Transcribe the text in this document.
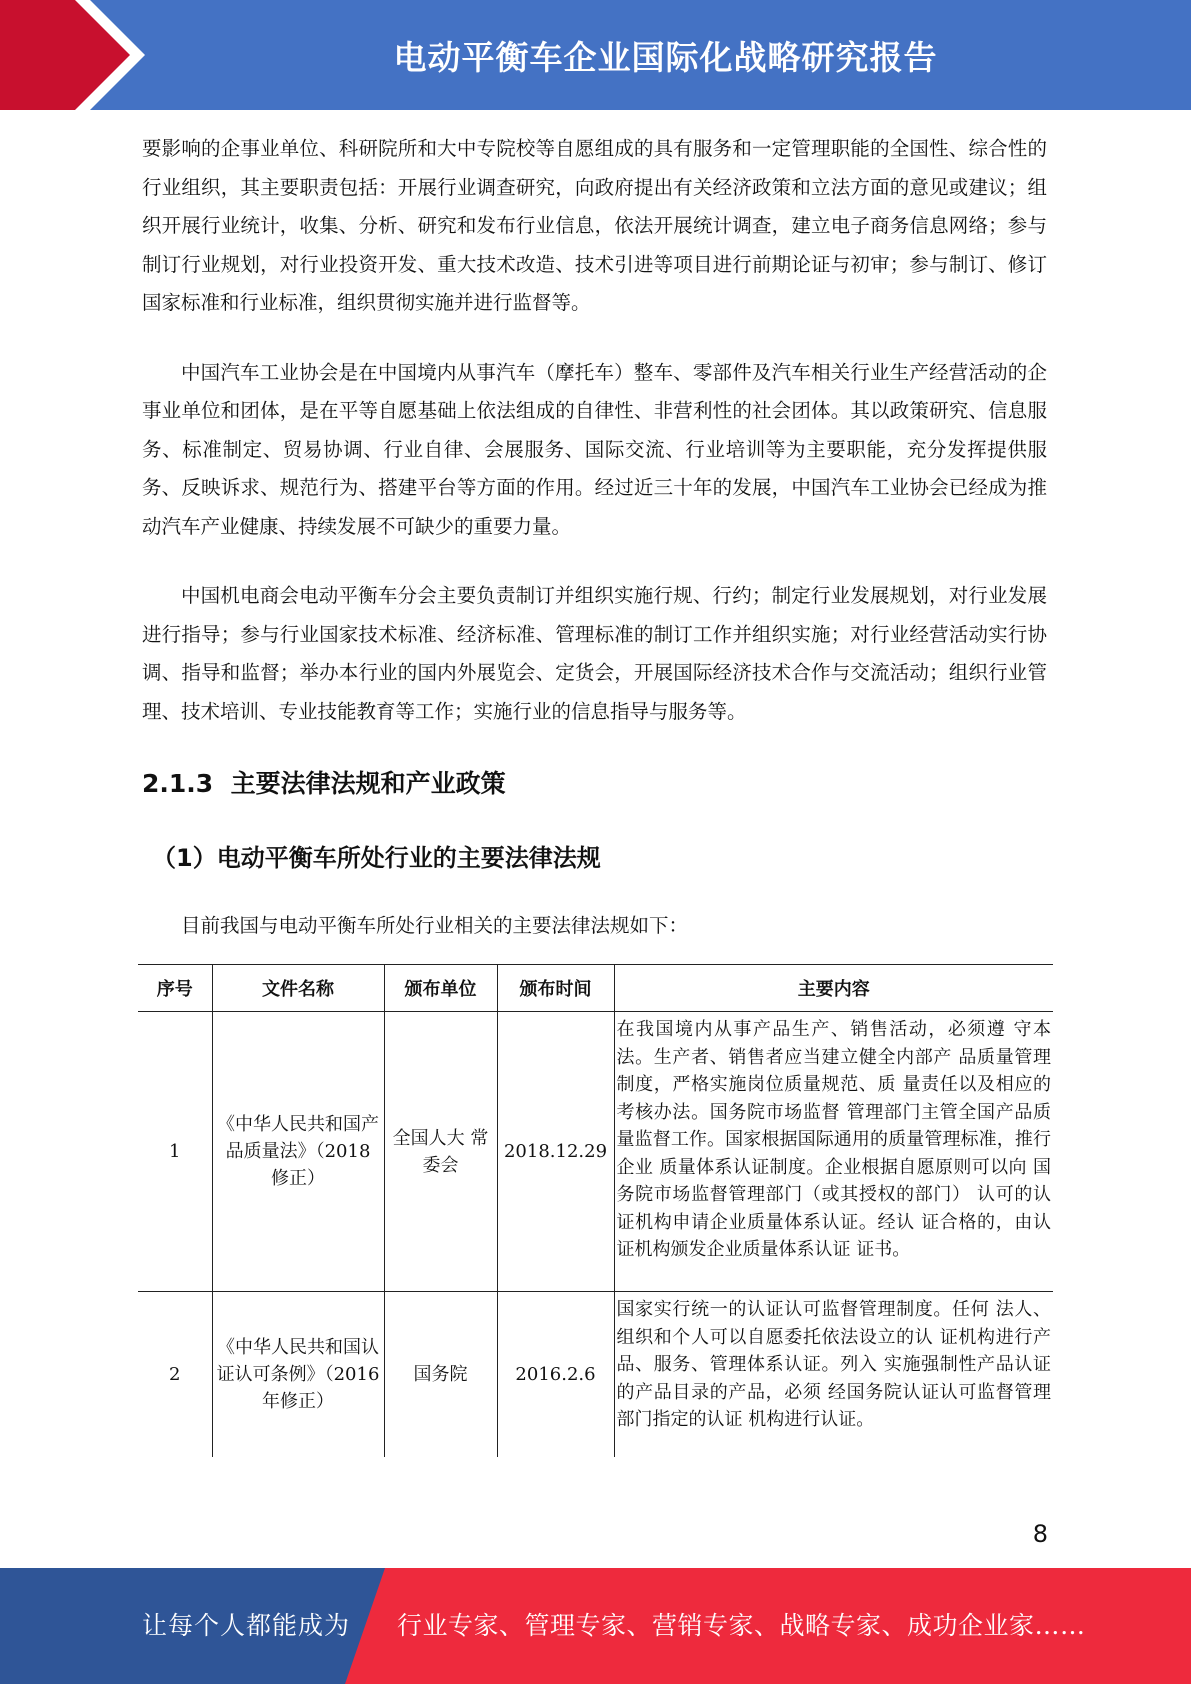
电动平衡车企业国际化战略研究报告

要影响的企事业单位、科研院所和大中专院校等自愿组成的具有服务和一定管理职能的全国性、综合性的行业组织，其主要职责包括：开展行业调查研究，向政府提出有关经济政策和立法方面的意见或建议；组织开展行业统计，收集、分析、研究和发布行业信息，依法开展统计调查，建立电子商务信息网络；参与制订行业规划，对行业投资开发、重大技术改造、技术引进等项目进行前期论证与初审；参与制订、修订国家标准和行业标准，组织贯彻实施并进行监督等。

中国汽车工业协会是在中国境内从事汽车（摩托车）整车、零部件及汽车相关行业生产经营活动的企事业单位和团体，是在平等自愿基础上依法组成的自律性、非营利性的社会团体。其以政策研究、信息服务、标准制定、贸易协调、行业自律、会展服务、国际交流、行业培训等为主要职能，充分发挥提供服务、反映诉求、规范行为、搭建平台等方面的作用。经过近三十年的发展，中国汽车工业协会已经成为推动汽车产业健康、持续发展不可缺少的重要力量。

中国机电商会电动平衡车分会主要负责制订并组织实施行规、行约；制定行业发展规划，对行业发展进行指导；参与行业国家技术标准、经济标准、管理标准的制订工作并组织实施；对行业经营活动实行协调、指导和监督；举办本行业的国内外展览会、定货会，开展国际经济技术合作与交流活动；组织行业管理、技术培训、专业技能教育等工作；实施行业的信息指导与服务等。

2.1.3  主要法律法规和产业政策
（1）电动平衡车所处行业的主要法律法规

目前我国与电动平衡车所处行业相关的主要法律法规如下：

序号	文件名称	颁布单位	颁布时间	主要内容
1	《中华人民共和国产品质量法》（2018 修正）	全国人大 常委会	2018.12.29	在我国境内从事产品生产、销售活动，必须遵 守本法。生产者、销售者应当建立健全内部产 品质量管理制度，严格实施岗位质量规范、质 量责任以及相应的考核办法。国务院市场监督 管理部门主管全国产品质量监督工作。国家根据国际通用的质量管理标准，推行企业 质量体系认证制度。企业根据自愿原则可以向 国务院市场监督管理部门（或其授权的部门） 认可的认证机构申请企业质量体系认证。经认 证合格的，由认证机构颁发企业质量体系认证 证书。
2	《中华人民共和国认证认可条例》（2016 年修正）	国务院	2016.2.6	国家实行统一的认证认可监督管理制度。任何 法人、组织和个人可以自愿委托依法设立的认 证机构进行产品、服务、管理体系认证。列入 实施强制性产品认证的产品目录的产品，必须 经国务院认证认可监督管理部门指定的认证 机构进行认证。
8
让每个人都能成为 行业专家、管理专家、营销专家、战略专家、成功企业家……
